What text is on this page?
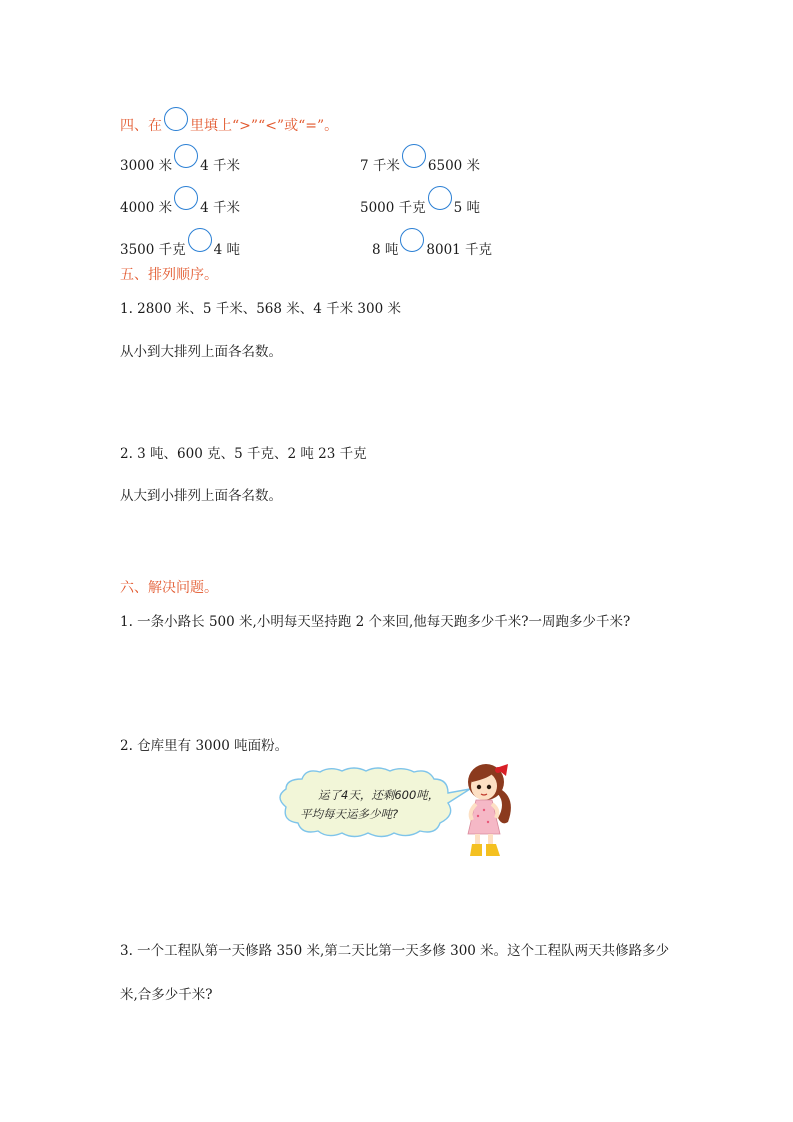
四、在 里填上“>”“<”或“=”。
3000 米 4 千米	7 千米 6500 米
4000 米 4 千米	5000 千克 5 吨
3500 千克 4 吨	8 吨 8001 千克
五、排列顺序。
1. 2800 米、5 千米、568 米、4 千米 300 米
从小到大排列上面各名数。
2. 3 吨、600 克、5 千克、2 吨 23 千克
从大到小排列上面各名数。
六、解决问题。
1. 一条小路长 500 米,小明每天坚持跑 2 个来回,他每天跑多少千米?一周跑多少千米?
2. 仓库里有 3000 吨面粉。
运了4天，还剩600吨，
平均每天运多少吨?
3. 一个工程队第一天修路 350 米,第二天比第一天多修 300 米。这个工程队两天共修路多少
米,合多少千米?
